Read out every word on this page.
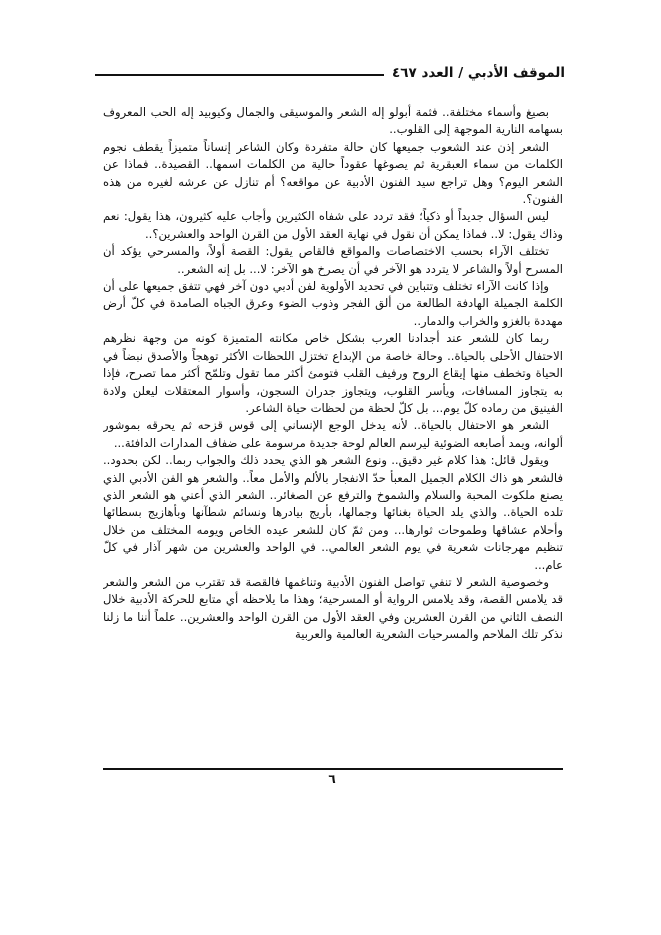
الموقف الأدبي / العدد ٤٦٧

بصيغ وأسماء مختلفة.. فثمة أبولو إله الشعر والموسيقى والجمال وكيوبيد إله الحب المعروف بسهامه النارية الموجهة إلى القلوب..

الشعر إذن عند الشعوب جميعها كان حالة متفردة وكان الشاعر إنساناً متميزاً يقطف نجوم الكلمات من سماء العبقرية ثم يصوغها عقوداً حالية من الكلمات اسمها.. القصيدة.. فماذا عن الشعر اليوم؟ وهل تراجع سيد الفنون الأدبية عن مواقعه؟ أم تنازل عن عرشه لغيره من هذه الفنون؟.

ليس السؤال جديداً أو ذكياً؛ فقد تردد على شفاه الكثيرين وأجاب عليه كثيرون، هذا يقول: نعم وذاك يقول: لا.. فماذا يمكن أن نقول في نهاية العقد الأول من القرن الواحد والعشرين؟..

تختلف الآراء بحسب الاختصاصات والمواقع فالقاص يقول: القصة أولاً، والمسرحي يؤكد أن المسرح أولاً والشاعر لا يتردد هو الآخر في أن يصرخ هو الآخر: لا... بل إنه الشعر..

وإذا كانت الآراء تختلف وتتباين في تحديد الأولوية لفن أدبي دون آخر فهي تتفق جميعها على أن الكلمة الجميلة الهادفة الطالعة من ألق الفجر وذوب الضوء وعرق الجباه الصامدة في كلّ أرض مهددة بالغزو والخراب والدمار..

ربما كان للشعر عند أجدادنا العرب بشكل خاص مكانته المتميزة كونه من وجهة نظرهم الاحتفال الأحلى بالحياة.. وحالة خاصة من الإبداع تختزل اللحظات الأكثر توهجاً والأصدق نبضاً في الحياة وتخطف منها إيقاع الروح ورفيف القلب فتومئ أكثر مما تقول وتلمّح أكثر مما تصرح، فإذا به يتجاوز المسافات، ويأسر القلوب، ويتجاوز جدران السجون، وأسوار المعتقلات ليعلن ولادة الفينيق من رماده كلّ يوم... بل كلّ لحظة من لحظات حياة الشاعر.

الشعر هو الاحتفال بالحياة.. لأنه يدخل الوجع الإنساني إلى قوس قزحه ثم يحرقه بموشور ألوانه، ويمد أصابعه الضوئية ليرسم العالم لوحة جديدة مرسومة على ضفاف المدارات الدافئة...

ويقول قائل: هذا كلام غير دقيق.. ونوع الشعر هو الذي يحدد ذلك والجواب ربما.. لكن بحدود.. فالشعر هو ذاك الكلام الجميل المعبأ حدّ الانفجار بالألم والأمل معاً.. والشعر هو الفن الأدبي الذي يصنع ملكوت المحبة والسلام والشموخ والترفع عن الصغائر.. الشعر الذي أعني هو الشعر الذي تلده الحياة.. والذي يلد الحياة بغنائها وجمالها، بأريج بيادرها ونسائم شطآنها وبأهازيج بسطائها وأحلام عشاقها وطموحات ثوارها... ومن ثمّ كان للشعر عيده الخاص ويومه المختلف من خلال تنظيم مهرجانات شعرية في يوم الشعر العالمي.. في الواحد والعشرين من شهر آذار في كلّ عام...

وخصوصية الشعر لا تنفي تواصل الفنون الأدبية وتناغمها فالقصة قد تقترب من الشعر والشعر قد يلامس القصة، وقد يلامس الرواية أو المسرحية؛ وهذا ما يلاحظه أي متابع للحركة الأدبية خلال النصف الثاني من القرن العشرين وفي العقد الأول من القرن الواحد والعشرين.. علماً أننا ما زلنا نذكر تلك الملاحم والمسرحيات الشعرية العالمية والعربية

٦
